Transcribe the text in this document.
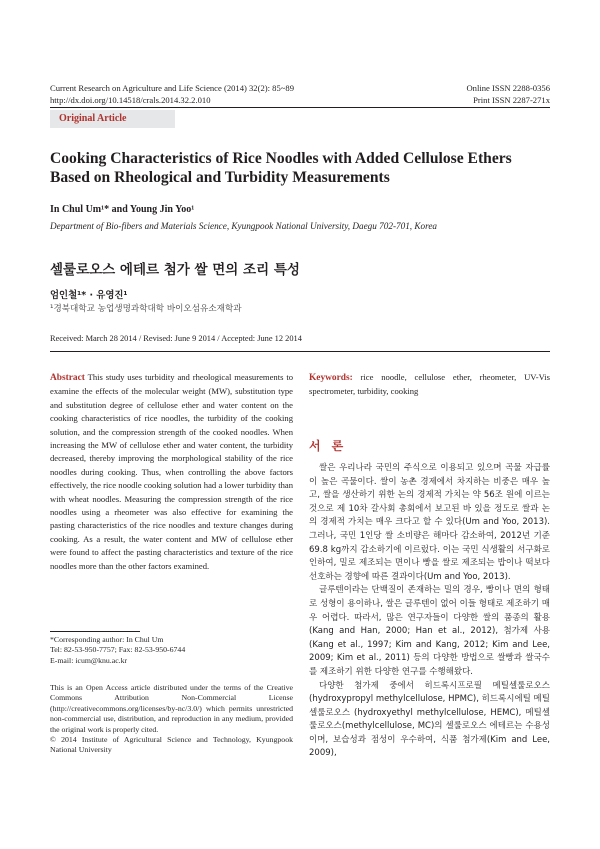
Current Research on Agriculture and Life Science (2014) 32(2): 85~89
http://dx.doi.org/10.14518/crals.2014.32.2.010
Online ISSN 2288-0356
Print ISSN 2287-271x
Original Article
Cooking Characteristics of Rice Noodles with Added Cellulose Ethers Based on Rheological and Turbidity Measurements
In Chul Um¹* and Young Jin Yoo¹
Department of Bio-fibers and Materials Science, Kyungpook National University, Daegu 702-701, Korea
셀룰로오스 에테르 첨가 쌀 면의 조리 특성
엄인철¹* · 유영진¹
¹경북대학교 농업생명과학대학 바이오섬유소재학과
Received: March 28 2014 / Revised: June 9 2014 / Accepted: June 12 2014
Abstract This study uses turbidity and rheological measurements to examine the effects of the molecular weight (MW), substitution type and substitution degree of cellulose ether and water content on the cooking characteristics of rice noodles, the turbidity of the cooking solution, and the compression strength of the cooked noodles. When increasing the MW of cellulose ether and water content, the turbidity decreased, thereby improving the morphological stability of the rice noodles during cooking. Thus, when controlling the above factors effectively, the rice noodle cooking solution had a lower turbidity than with wheat noodles. Measuring the compression strength of the rice noodles using a rheometer was also effective for examining the pasting characteristics of the rice noodles and texture changes during cooking. As a result, the water content and MW of cellulose ether were found to affect the pasting characteristics and texture of the rice noodles more than the other factors examined.
Keywords: rice noodle, cellulose ether, rheometer, UV-Vis spectrometer, turbidity, cooking
서론

쌀은 우리나라 국민의 주식으로 이용되고 있으며 곡물 자급률이 높은 곡물이다. 쌀이 농촌 경제에서 차지하는 비중은 매우 높고, 쌀을 생산하기 위한 논의 경제적 가치는 약 56조 원에 이르는 것으로 제 10차 갈사회 총회에서 보고된 바 있을 정도로 쌀과 논의 경제적 가치는 매우 크다고 할 수 있다(Um and Yoo, 2013). 그러나, 국민 1인당 쌀 소비량은 해마다 감소하여, 2012년 기준 69.8 kg까지 감소하기에 이르렀다. 이는 국민 식생활의 서구화로 인하여, 밀로 제조되는 면이나 빵을 쌀로 제조되는 밥이나 떡보다 선호하는 경향에 따른 결과이다(Um and Yoo, 2013).

글루텐이라는 단백질이 존재하는 밀의 경우, 빵이나 면의 형태로 성형이 용이하나, 쌀은 글루텐이 없어 이들 형태로 제조하기 매우 어렵다. 따라서, 많은 연구자들이 다양한 쌀의 품종의 활용(Kang and Han, 2000; Han et al., 2012), 첨가제 사용(Kang et al., 1997; Kim and Kang, 2012; Kim and Lee, 2009; Kim et al., 2011) 등의 다양한 방법으로 쌀빵과 쌀국수를 제조하기 위한 다양한 연구를 수행해왔다.

다양한 첨가제 중에서 히드록시프로필 메틸셀룰로오스 (hydroxypropyl methylcellulose, HPMC), 히드록시에틸 메틸셀룰로오스 (hydroxyethyl methylcellulose, HEMC), 메틸셀룰로오스(methylcellulose, MC)의 셀룰로오스 에테르는 수용성이며, 보습성과 점성이 우수하여, 식품 첨가제(Kim and Lee, 2009),

*Corresponding author: In Chul Um
Tel: 82-53-950-7757; Fax: 82-53-950-6744
E-mail: icum@knu.ac.kr
This is an Open Access article distributed under the terms of the Creative Commons Attribution Non-Commercial License (http://creativecommons.org/licenses/by-nc/3.0/) which permits unrestricted non-commercial use, distribution, and reproduction in any medium, provided the original work is properly cited.
© 2014 Institute of Agricultural Science and Technology, Kyungpook National University
